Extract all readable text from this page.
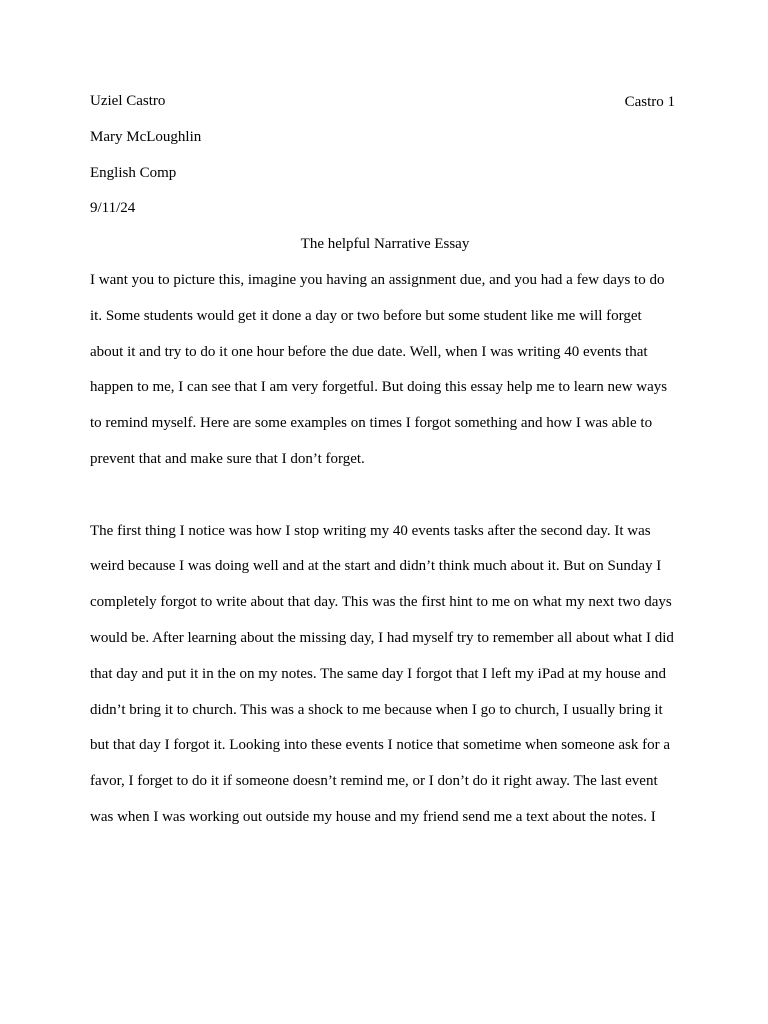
Castro 1

Uziel Castro

Mary McLoughlin

English Comp

9/11/24

The helpful Narrative Essay

I want you to picture this, imagine you having an assignment due, and you had a few days to do
it. Some students would get it done a day or two before but some student like me will forget
about it and try to do it one hour before the due date. Well, when I was writing 40 events that
happen to me, I can see that I am very forgetful. But doing this essay help me to learn new ways
to remind myself. Here are some examples on times I forgot something and how I was able to
prevent that and make sure that I don’t forget.

The first thing I notice was how I stop writing my 40 events tasks after the second day. It was
weird because I was doing well and at the start and didn’t think much about it. But on Sunday I
completely forgot to write about that day. This was the first hint to me on what my next two days
would be. After learning about the missing day, I had myself try to remember all about what I did
that day and put it in the on my notes. The same day I forgot that I left my iPad at my house and
didn’t bring it to church. This was a shock to me because when I go to church, I usually bring it
but that day I forgot it. Looking into these events I notice that sometime when someone ask for a
favor, I forget to do it if someone doesn’t remind me, or I don’t do it right away. The last event
was when I was working out outside my house and my friend send me a text about the notes. I
